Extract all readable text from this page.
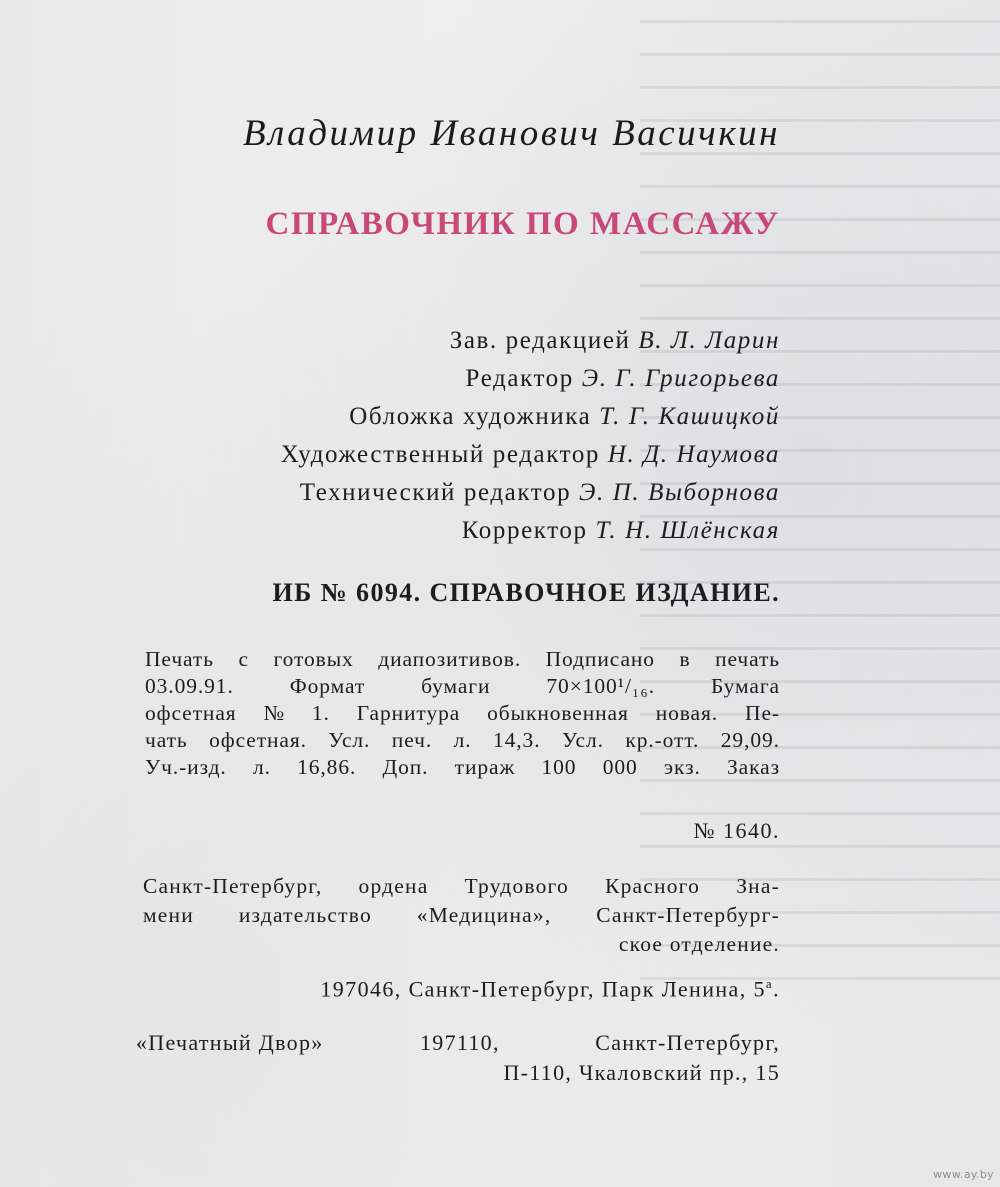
Владимир Иванович Васичкин
СПРАВОЧНИК ПО МАССАЖУ
Зав. редакцией В. Л. Ларин
Редактор Э. Г. Григорьева
Обложка художника Т. Г. Кашицкой
Художественный редактор Н. Д. Наумова
Технический редактор Э. П. Выборнова
Корректор Т. Н. Шлёнская
ИБ № 6094. СПРАВОЧНОЕ ИЗДАНИЕ.
Печать с готовых диапозитивов. Подписано в печать
03.09.91.	Формат	бумаги	70×100¹/₁₆.	Бумага
офсетная № 1. Гарнитура обыкновенная новая. Пе-
чать офсетная. Усл. печ. л. 14,3. Усл. кр.-отт. 29,09.
Уч.-изд. л. 16,86. Доп. тираж 100 000 экз. Заказ
№ 1640.
Санкт-Петербург, ордена Трудового Красного Зна-
мени издательство «Медицина», Санкт-Петербург-
ское отделение.
197046, Санкт-Петербург, Парк Ленина, $5^а$.
«Печатный Двор»	197110,	Санкт-Петербург,
П-110, Чкаловский пр., 15
www.ay.by
